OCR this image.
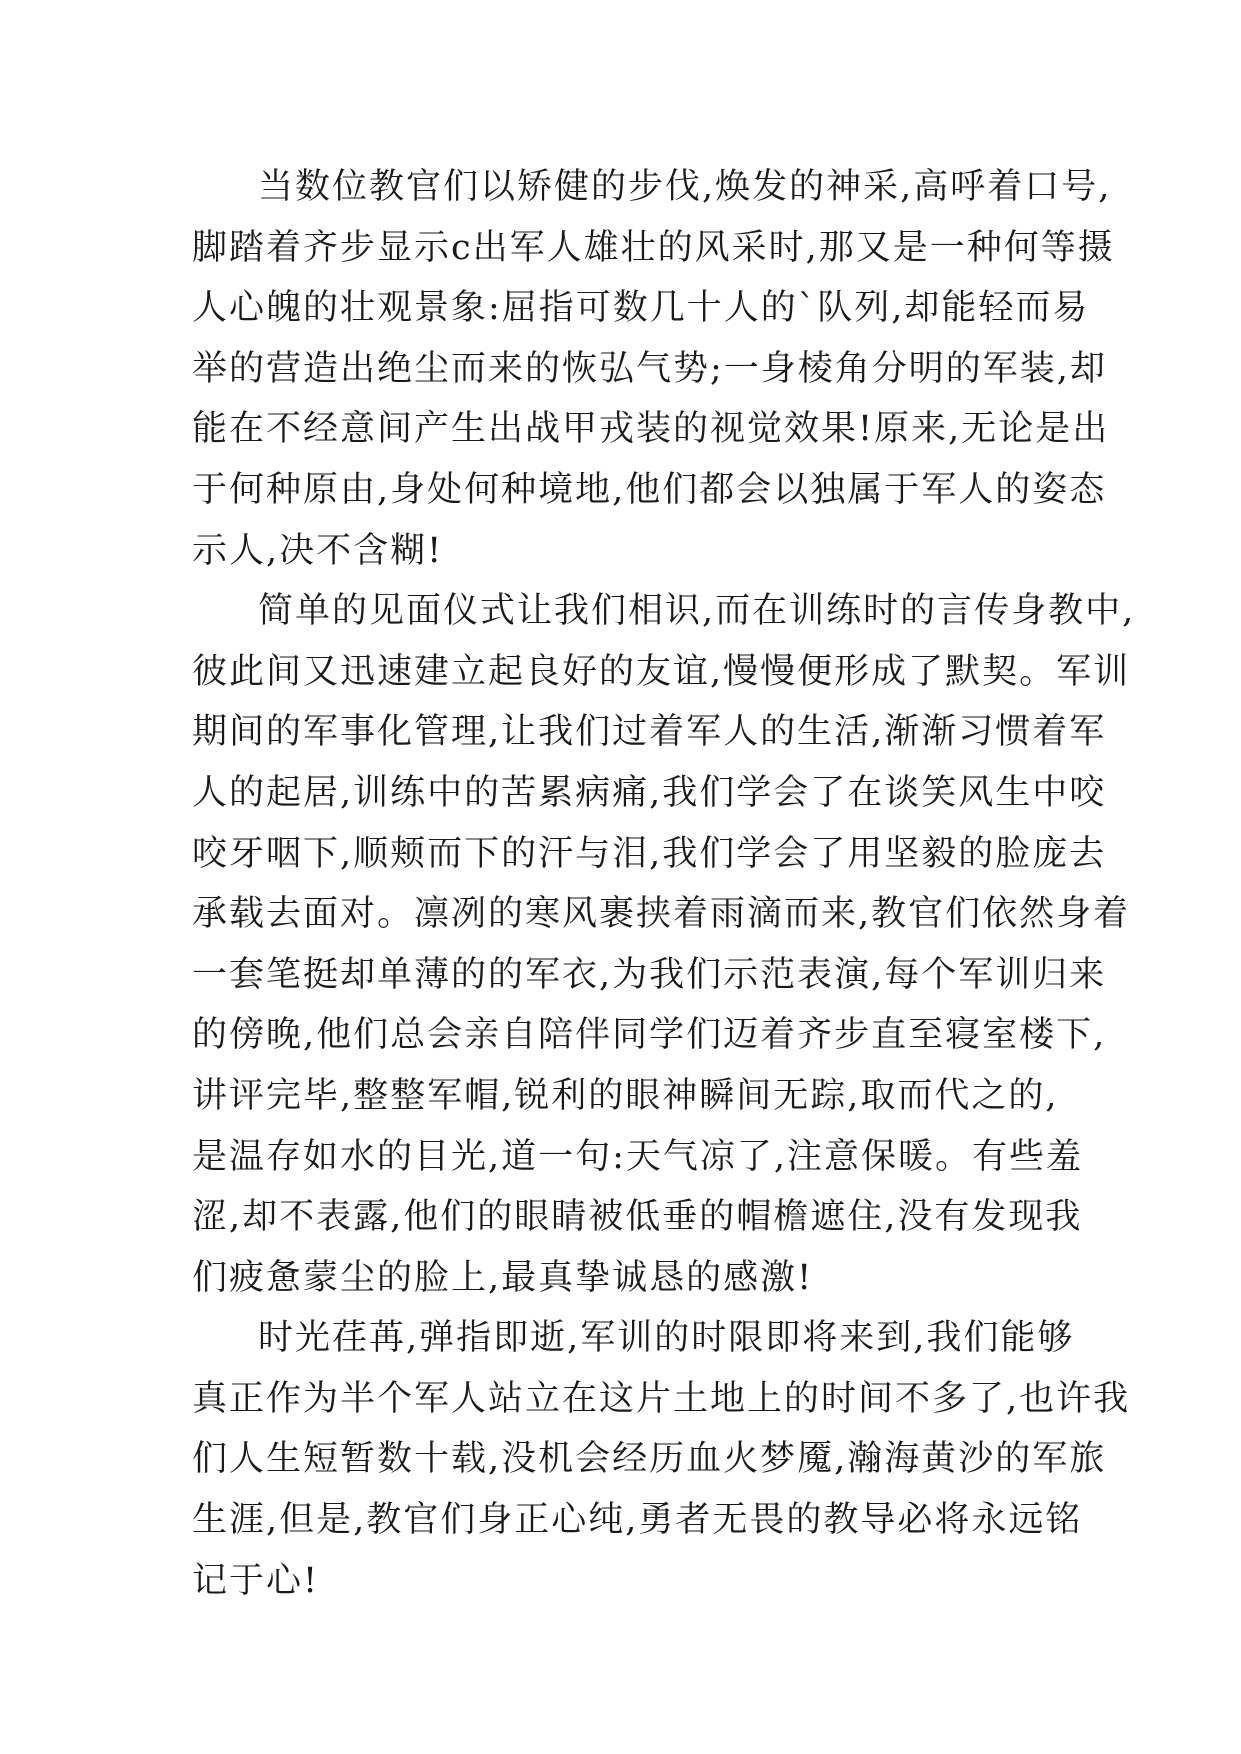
当数位教官们以矫健的步伐,焕发的神采,高呼着口号,
脚踏着齐步显示c出军人雄壮的风采时,那又是一种何等摄
人心魄的壮观景象:屈指可数几十人的`队列,却能轻而易
举的营造出绝尘而来的恢弘气势;一身棱角分明的军装,却
能在不经意间产生出战甲戎装的视觉效果!原来,无论是出
于何种原由,身处何种境地,他们都会以独属于军人的姿态
示人,决不含糊!
简单的见面仪式让我们相识,而在训练时的言传身教中,
彼此间又迅速建立起良好的友谊,慢慢便形成了默契。军训
期间的军事化管理,让我们过着军人的生活,渐渐习惯着军
人的起居,训练中的苦累病痛,我们学会了在谈笑风生中咬
咬牙咽下,顺颊而下的汗与泪,我们学会了用坚毅的脸庞去
承载去面对。凛冽的寒风裹挟着雨滴而来,教官们依然身着
一套笔挺却单薄的的军衣,为我们示范表演,每个军训归来
的傍晚,他们总会亲自陪伴同学们迈着齐步直至寝室楼下,
讲评完毕,整整军帽,锐利的眼神瞬间无踪,取而代之的,
是温存如水的目光,道一句:天气凉了,注意保暖。有些羞
涩,却不表露,他们的眼睛被低垂的帽檐遮住,没有发现我
们疲惫蒙尘的脸上,最真挚诚恳的感激!
时光荏苒,弹指即逝,军训的时限即将来到,我们能够
真正作为半个军人站立在这片土地上的时间不多了,也许我
们人生短暂数十载,没机会经历血火梦魇,瀚海黄沙的军旅
生涯,但是,教官们身正心纯,勇者无畏的教导必将永远铭
记于心!
